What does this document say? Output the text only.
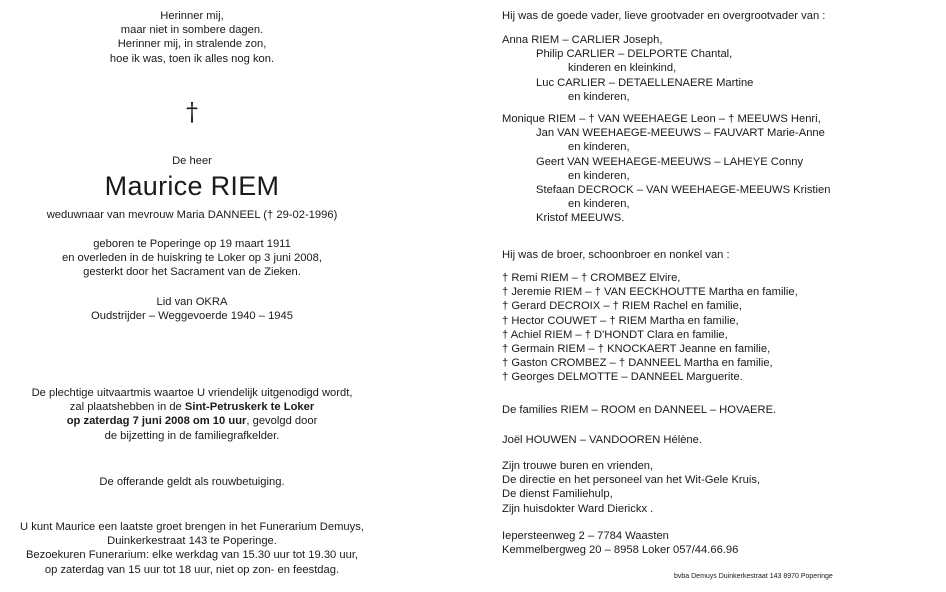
Herinner mij,
maar niet in sombere dagen.
Herinner mij, in stralende zon,
hoe ik was, toen ik alles nog kon.
†
De heer
Maurice RIEM
weduwnaar van mevrouw Maria DANNEEL († 29-02-1996)
geboren te Poperinge op 19 maart 1911
en overleden in de huiskring te Loker op 3 juni 2008,
gesterkt door het Sacrament van de Zieken.
Lid van OKRA
Oudstrijder – Weggevoerde 1940 – 1945
De plechtige uitvaartmis waartoe U vriendelijk uitgenodigd wordt,
zal plaatshebben in de Sint-Petruskerk te Loker
op zaterdag 7 juni 2008 om 10 uur, gevolgd door
de bijzetting in de familiegrafkelder.
De offerande geldt als rouwbetuiging.
U kunt Maurice een laatste groet brengen in het Funerarium Demuys,
Duinkerkestraat 143 te Poperinge.
Bezoekuren Funerarium: elke werkdag van 15.30 uur tot 19.30 uur,
op zaterdag van 15 uur tot 18 uur, niet op zon- en feestdag.
Hij was de goede vader, lieve grootvader en overgrootvader van :
Anna RIEM – CARLIER Joseph,
Philip CARLIER – DELPORTE Chantal,
kinderen en kleinkind,
Luc CARLIER – DETAELLENAERE Martine
en kinderen,
Monique RIEM – † VAN WEEHAEGE Leon – † MEEUWS Henri,
Jan VAN WEEHAEGE-MEEUWS – FAUVART Marie-Anne
en kinderen,
Geert VAN WEEHAEGE-MEEUWS – LAHEYE Conny
en kinderen,
Stefaan DECROCK – VAN WEEHAEGE-MEEUWS Kristien
en kinderen,
Kristof MEEUWS.
Hij was de broer, schoonbroer en nonkel van :
† Remi RIEM – † CROMBEZ Elvire,
† Jeremie RIEM – † VAN EECKHOUTTE Martha en familie,
† Gerard DECROIX – † RIEM Rachel en familie,
† Hector COUWET – † RIEM Martha en familie,
† Achiel RIEM – † D'HONDT Clara en familie,
† Germain RIEM – † KNOCKAERT Jeanne en familie,
† Gaston CROMBEZ – † DANNEEL Martha en familie,
† Georges DELMOTTE – DANNEEL Marguerite.
De families RIEM – ROOM en DANNEEL – HOVAERE.
Joël HOUWEN – VANDOOREN Hélène.
Zijn trouwe buren en vrienden,
De directie en het personeel van het Wit-Gele Kruis,
De dienst Familiehulp,
Zijn huisdokter Ward Dierickx .
Iepersteenweg 2 – 7784 Waasten
Kemmelbergweg 20 – 8958 Loker 057/44.66.96
bvba Demuys Duinkerkestraat 143 8970 Poperinge
